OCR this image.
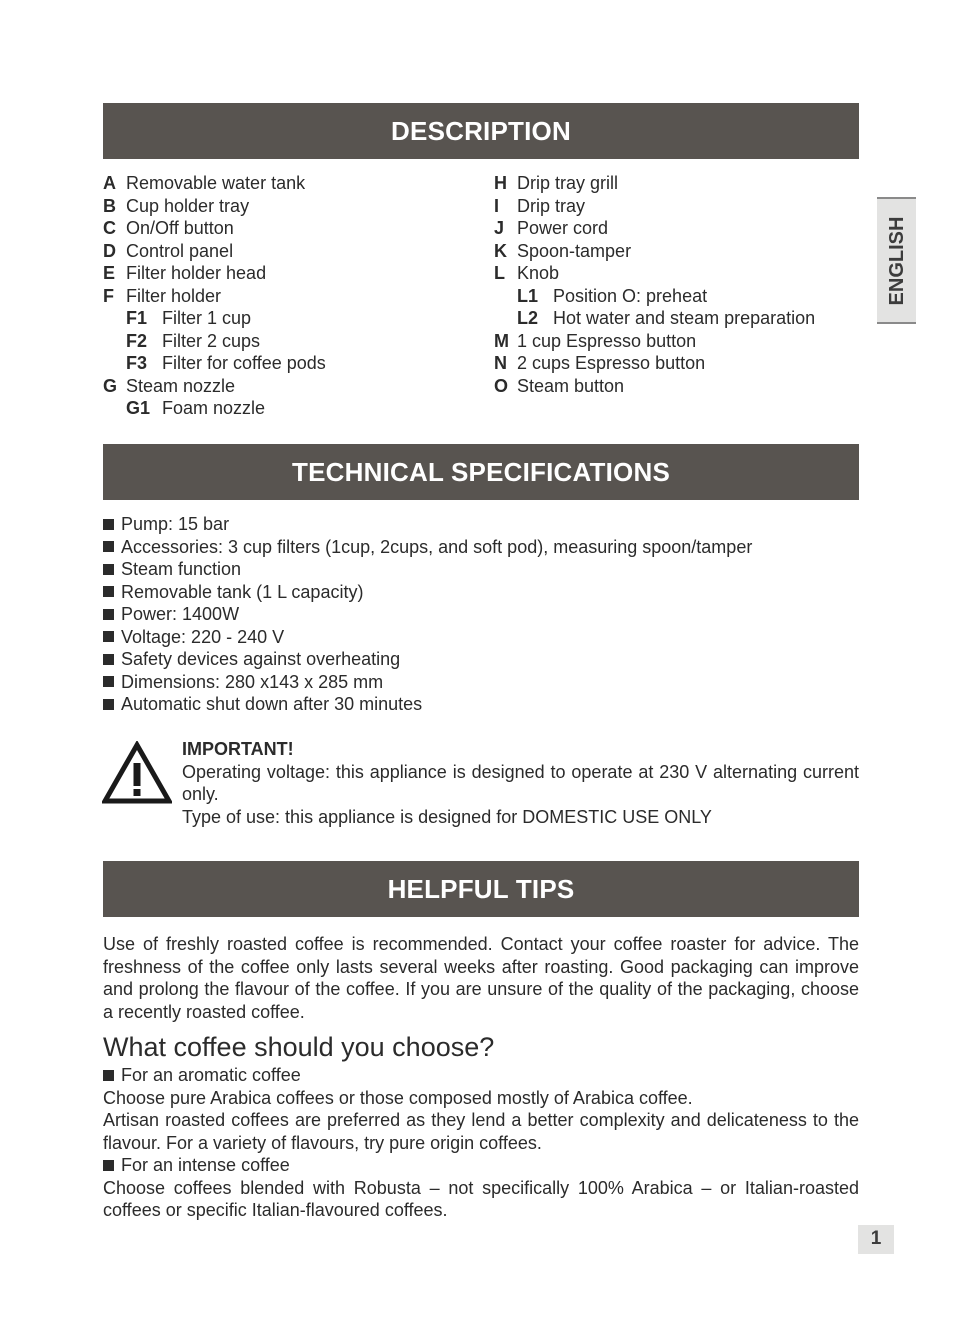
DESCRIPTION
TECHNICAL SPECIFICATIONS
HELPFUL TIPS
ENGLISH
A Removable water tank
B Cup holder tray
C On/Off button
D Control panel
E Filter holder head
F Filter holder
F1 Filter 1 cup
F2 Filter 2 cups
F3 Filter for coffee pods
G Steam nozzle
G1 Foam nozzle
H Drip tray grill
I Drip tray
J Power cord
K Spoon-tamper
L Knob
L1 Position O: preheat
L2 Hot water and steam preparation
M 1 cup Espresso button
N 2 cups Espresso button
O Steam button
Pump: 15 bar
Accessories: 3 cup filters (1cup, 2cups, and soft pod), measuring spoon/tamper
Steam function
Removable tank (1 L capacity)
Power: 1400W
Voltage: 220 - 240 V
Safety devices against overheating
Dimensions: 280 x143 x 285 mm
Automatic shut down after 30 minutes
IMPORTANT!
Operating voltage: this appliance is designed to operate at 230 V alternating current only.
Type of use: this appliance is designed for DOMESTIC USE ONLY
Use of freshly roasted coffee is recommended. Contact your coffee roaster for advice. The freshness of the coffee only lasts several weeks after roasting. Good packaging can improve and prolong the flavour of the coffee. If you are unsure of the quality of the packaging, choose a recently roasted coffee.
What coffee should you choose?
For an aromatic coffee

Choose pure Arabica coffees or those composed mostly of Arabica coffee.

Artisan roasted coffees are preferred as they lend a better complexity and delicateness to the flavour. For a variety of flavours, try pure origin coffees.

For an intense coffee

Choose coffees blended with Robusta – not specifically 100% Arabica – or Italian-roasted coffees or specific Italian-flavoured coffees.

1
